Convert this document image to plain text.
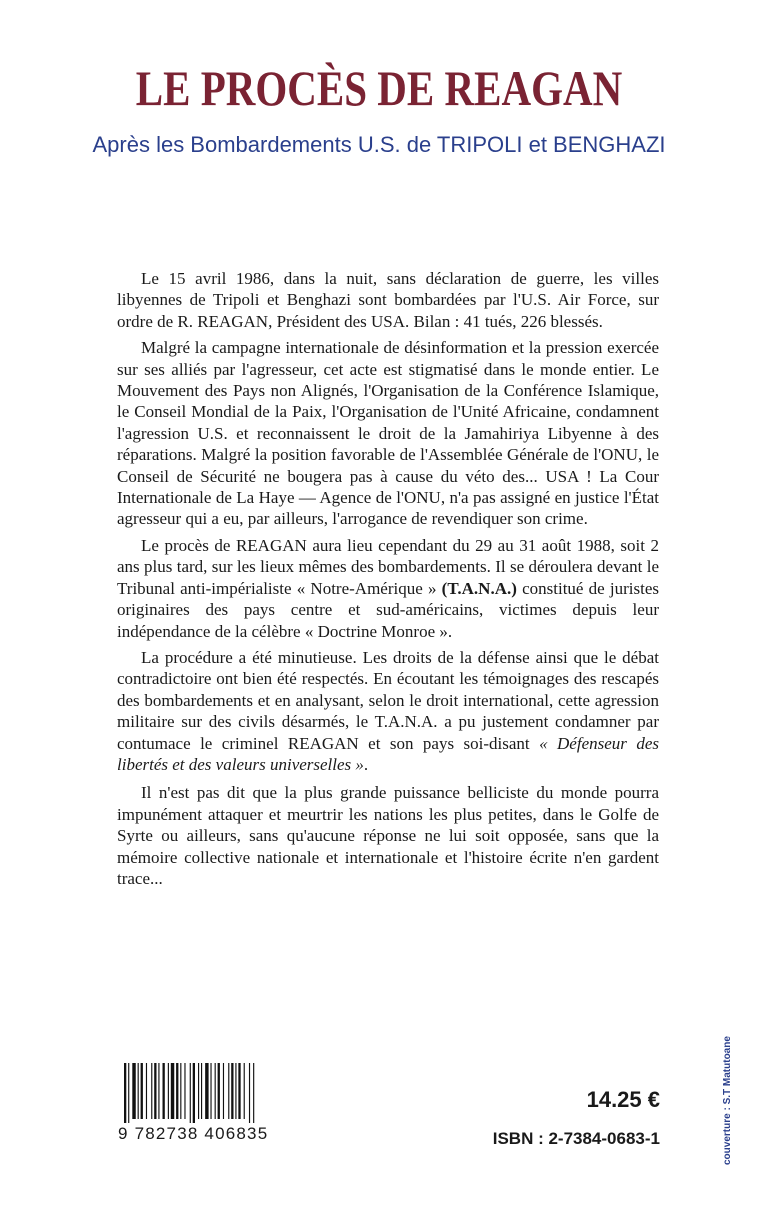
LE PROCÈS DE REAGAN
Après les Bombardements U.S. de TRIPOLI et BENGHAZI

Le 15 avril 1986, dans la nuit, sans déclaration de guerre, les villes libyennes de Tripoli et Benghazi sont bombardées par l'U.S. Air Force, sur ordre de R. REAGAN, Président des USA. Bilan : 41 tués, 226 blessés.

Malgré la campagne internationale de désinformation et la pression exercée sur ses alliés par l'agresseur, cet acte est stigmatisé dans le monde entier. Le Mouvement des Pays non Alignés, l'Organisation de la Conférence Islamique, le Conseil Mondial de la Paix, l'Organisation de l'Unité Africaine, condamnent l'agression U.S. et reconnaissent le droit de la Jamahiriya Libyenne à des réparations. Malgré la position favorable de l'Assemblée Générale de l'ONU, le Conseil de Sécurité ne bougera pas à cause du véto des... USA ! La Cour Internationale de La Haye — Agence de l'ONU, n'a pas assigné en justice l'État agresseur qui a eu, par ailleurs, l'arrogance de revendiquer son crime.

Le procès de REAGAN aura lieu cependant du 29 au 31 août 1988, soit 2 ans plus tard, sur les lieux mêmes des bombardements. Il se déroulera devant le Tribunal anti-impérialiste « Notre-Amérique » (T.A.N.A.) constitué de juristes originaires des pays centre et sud-américains, victimes depuis leur indépendance de la célèbre « Doctrine Monroe ».

La procédure a été minutieuse. Les droits de la défense ainsi que le débat contradictoire ont bien été respectés. En écoutant les témoignages des rescapés des bombardements et en analysant, selon le droit international, cette agression militaire sur des civils désarmés, le T.A.N.A. a pu justement condamner par contumace le criminel REAGAN et son pays soi-disant « Défenseur des libertés et des valeurs universelles ».

Il n'est pas dit que la plus grande puissance belliciste du monde pourra impunément attaquer et meurtrir les nations les plus petites, dans le Golfe de Syrte ou ailleurs, sans qu'aucune réponse ne lui soit opposée, sans que la mémoire collective nationale et internationale et l'histoire écrite n'en gardent trace...

9 782738 406835
14.25 €
ISBN : 2-7384-0683-1	couverture : S.T Matutoane
